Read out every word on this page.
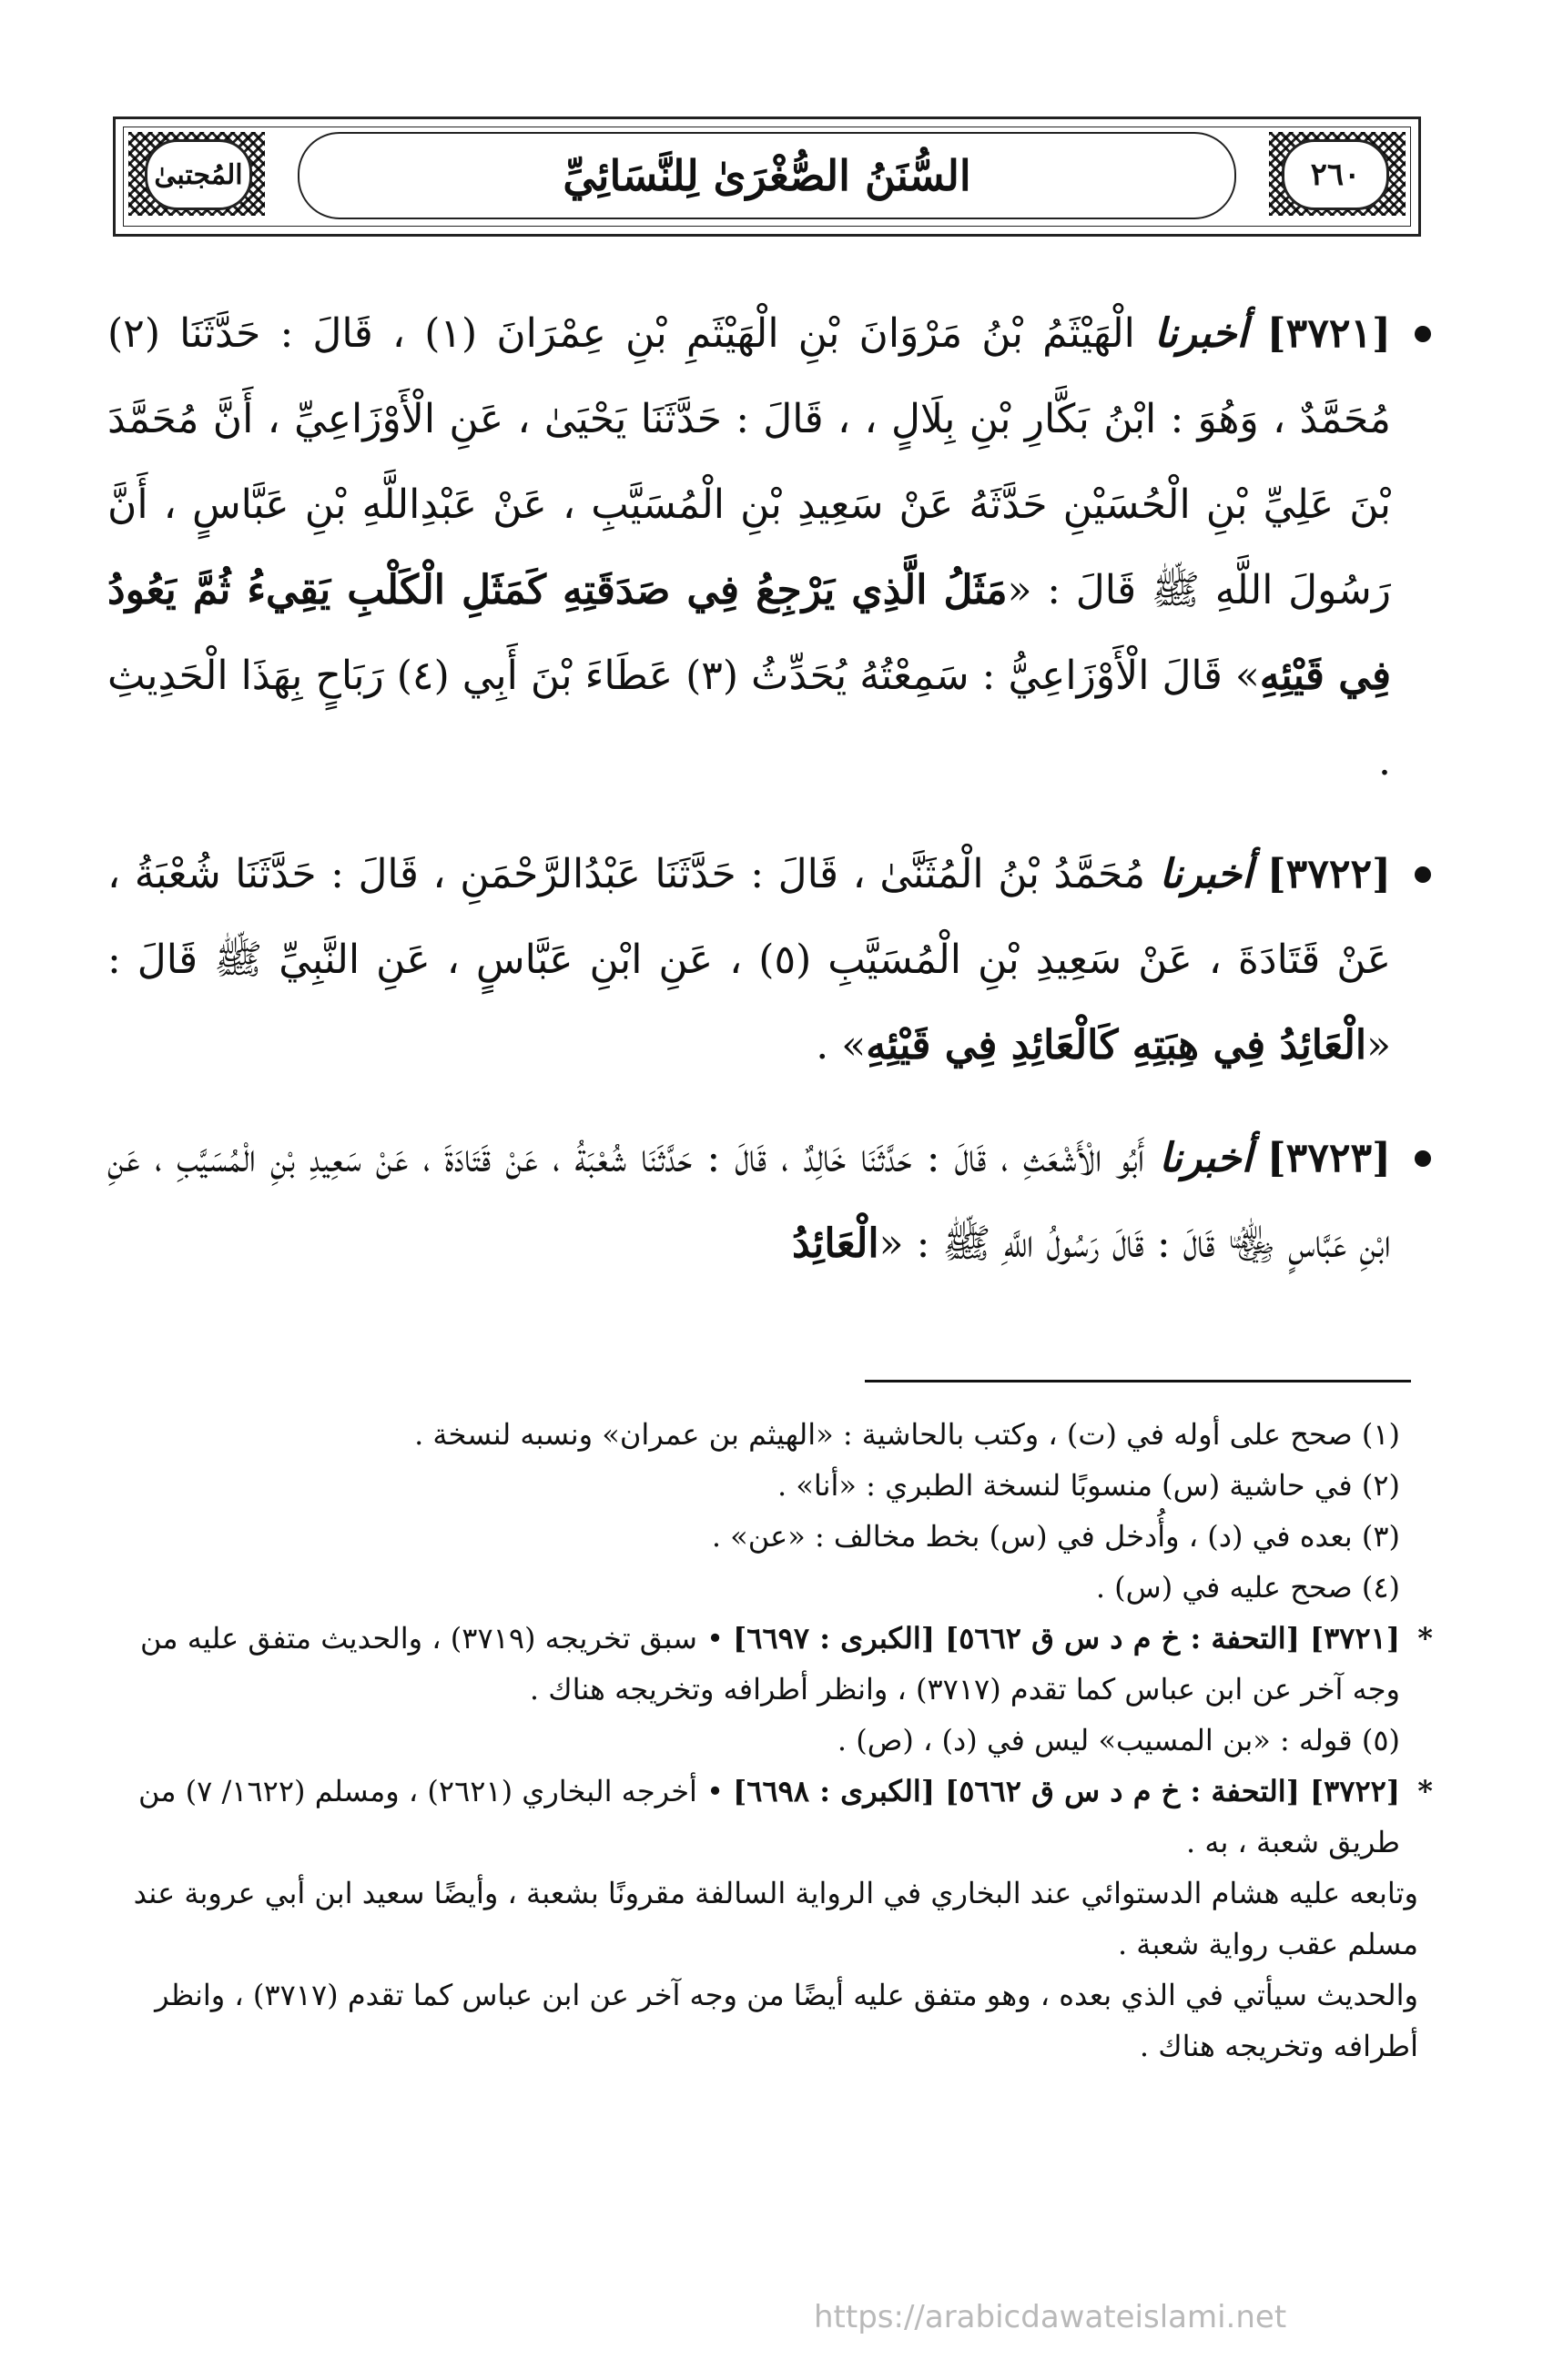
المُجتبىٰ	٢٦٠
السُّنَنُ الصُّغْرَىٰ لِلنَّسَائِيِّ
[٣٧٢١] أخبرنا الْهَيْثَمُ بْنُ مَرْوَانَ بْنِ الْهَيْثَمِ بْنِ عِمْرَانَ (١) ، قَالَ : حَدَّثَنَا (٢) مُحَمَّدٌ ، وَهُوَ : ابْنُ بَكَّارِ بْنِ بِلَالٍ ، ، قَالَ : حَدَّثَنَا يَحْيَىٰ ، عَنِ الْأَوْزَاعِيِّ ، أَنَّ مُحَمَّدَ بْنَ عَلِيِّ بْنِ الْحُسَيْنِ حَدَّثَهُ عَنْ سَعِيدِ بْنِ الْمُسَيَّبِ ، عَنْ عَبْدِاللَّهِ بْنِ عَبَّاسٍ ، أَنَّ رَسُولَ اللَّهِ ﷺ قَالَ : «مَثَلُ الَّذِي يَرْجِعُ فِي صَدَقَتِهِ كَمَثَلِ الْكَلْبِ يَقِيءُ ثُمَّ يَعُودُ فِي قَيْئِهِ» قَالَ الْأَوْزَاعِيُّ : سَمِعْتُهُ يُحَدِّثُ (٣) عَطَاءَ بْنَ أَبِي (٤) رَبَاحٍ بِهَذَا الْحَدِيثِ .
[٣٧٢٢] أخبرنا مُحَمَّدُ بْنُ الْمُثَنَّىٰ ، قَالَ : حَدَّثَنَا عَبْدُالرَّحْمَنِ ، قَالَ : حَدَّثَنَا شُعْبَةُ ، عَنْ قَتَادَةَ ، عَنْ سَعِيدِ بْنِ الْمُسَيَّبِ (٥) ، عَنِ ابْنِ عَبَّاسٍ ، عَنِ النَّبِيِّ ﷺ قَالَ : «الْعَائِدُ فِي هِبَتِهِ كَالْعَائِدِ فِي قَيْئِهِ» .
[٣٧٢٣] أخبرنا أَبُو الْأَشْعَثِ ، قَالَ : حَدَّثَنَا خَالِدٌ ، قَالَ : حَدَّثَنَا شُعْبَةُ ، عَنْ قَتَادَةَ ، عَنْ سَعِيدِ بْنِ الْمُسَيَّبِ ، عَنِ ابْنِ عَبَّاسٍ ﵄ قَالَ : قَالَ رَسُولُ اللَّهِ ﷺ : «الْعَائِدُ
(١) صحح على أوله في (ت) ، وكتب بالحاشية : «الهيثم بن عمران» ونسبه لنسخة .
(٢) في حاشية (س) منسوبًا لنسخة الطبري : «أنا» .
(٣) بعده في (د) ، وأُدخل في (س) بخط مخالف : «عن» .
(٤) صحح عليه في (س) .
*
[٣٧٢١] [التحفة : خ م د س ق ٥٦٦٢] [الكبرى : ٦٦٩٧] • سبق تخريجه (٣٧١٩) ، والحديث متفق عليه من وجه آخر عن ابن عباس كما تقدم (٣٧١٧) ، وانظر أطرافه وتخريجه هناك .
(٥) قوله : «بن المسيب» ليس في (د) ، (ص) .
*
[٣٧٢٢] [التحفة : خ م د س ق ٥٦٦٢] [الكبرى : ٦٦٩٨] • أخرجه البخاري (٢٦٢١) ، ومسلم (١٦٢٢/ ٧) من طريق شعبة ، به .
وتابعه عليه هشام الدستوائي عند البخاري في الرواية السالفة مقرونًا بشعبة ، وأيضًا سعيد ابن أبي عروبة عند مسلم عقب رواية شعبة .
والحديث سيأتي في الذي بعده ، وهو متفق عليه أيضًا من وجه آخر عن ابن عباس كما تقدم (٣٧١٧) ، وانظر أطرافه وتخريجه هناك .
https://arabicdawateislami.net
